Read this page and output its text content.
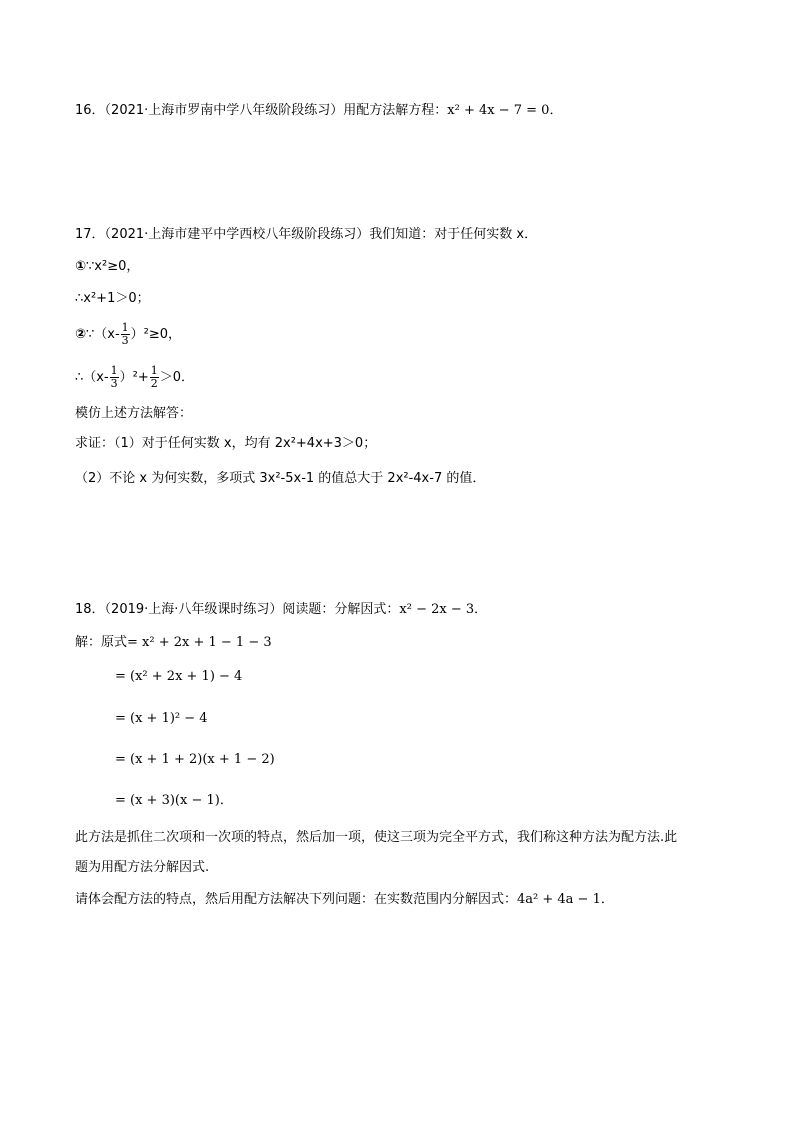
16．（2021·上海市罗南中学八年级阶段练习）用配方法解方程：x² + 4x − 7 = 0．
17．（2021·上海市建平中学西校八年级阶段练习）我们知道：对于任何实数 x．
①∵x²≥0，
∴x²+1＞0；
②∵（x- $\frac{1}{3} )^2\ge 0$，
∴（x- $\frac{1}{3} )^2+ \frac{1}{2} >0$．
模仿上述方法解答：
求证：（1）对于任何实数 x，均有 2x²+4x+3＞0；
（2）不论 x 为何实数，多项式 3x²-5x-1 的值总大于 2x²-4x-7 的值．
18．（2019·上海·八年级课时练习）阅读题：分解因式：x² − 2x − 3．
解：原式= x² + 2x + 1 − 1 − 3
= (x² + 2x + 1) − 4
= (x + 1)² − 4
= (x + 1 + 2)(x + 1 − 2)
= (x + 3)(x − 1)．
此方法是抓住二次项和一次项的特点，然后加一项，使这三项为完全平方式，我们称这种方法为配方法.此
题为用配方法分解因式.
请体会配方法的特点，然后用配方法解决下列问题：在实数范围内分解因式：4a² + 4a − 1．
